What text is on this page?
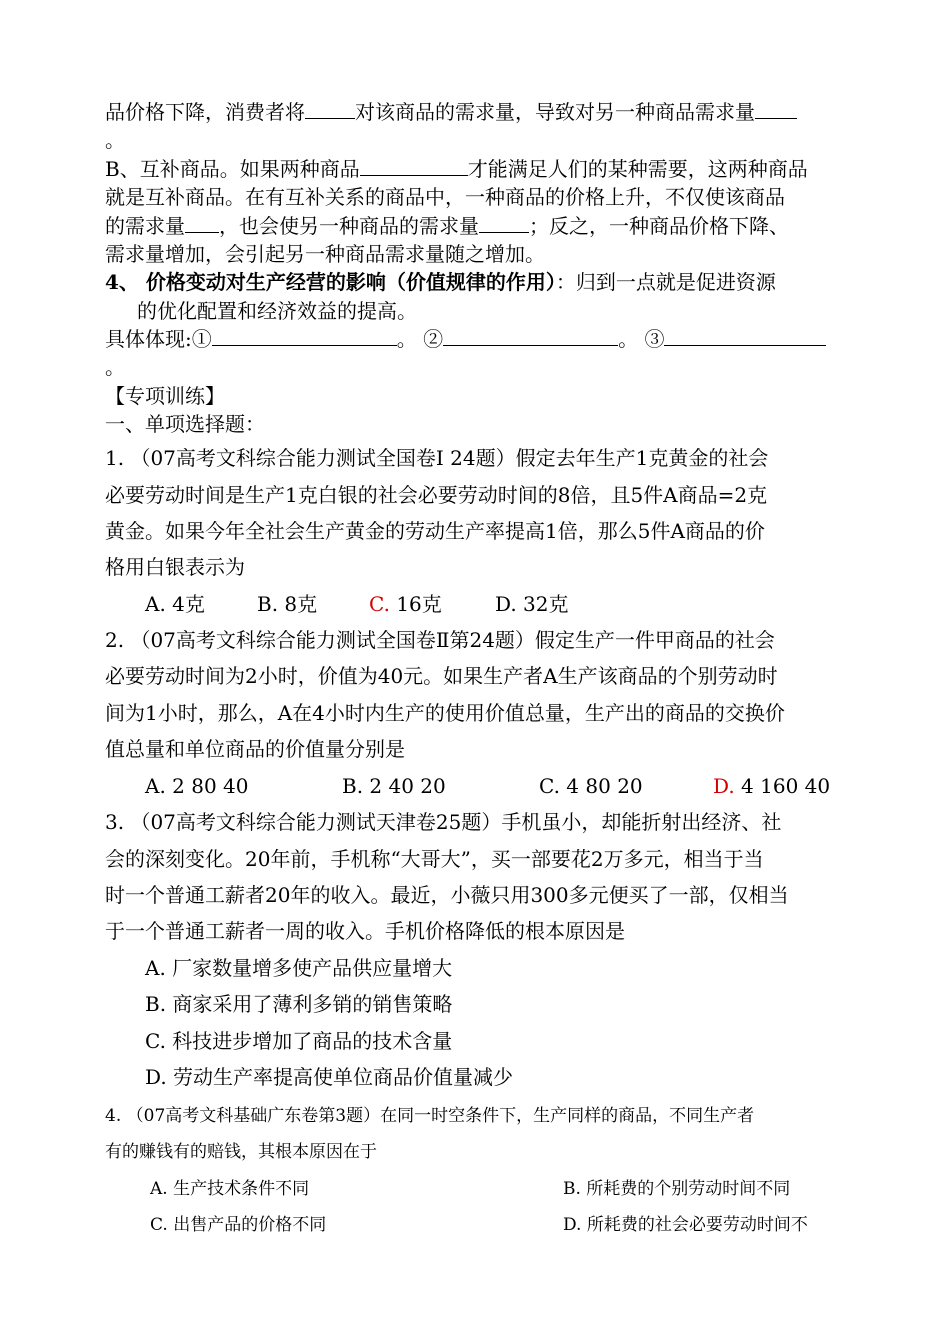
品价格下降，消费者将	对该商品的需求量，导致对另一种商品需求量
。
B、互补商品。如果两种商品	才能满足人们的某种需要，这两种商品
就是互补商品。在有互补关系的商品中，一种商品的价格上升，不仅使该商品
的需求量 ，也会使另一种商品的需求量	；反之，一种商品价格下降、
需求量增加，会引起另一种商品需求量随之增加。
4、 价格变动对生产经营的影响（价值规律的作用）：归到一点就是促进资源
的优化配置和经济效益的提高。
具体体现:①	。 ②	。 ③
。
【专项训练】
一、单项选择题：
1. （07高考文科综合能力测试全国卷Ⅰ 24题）假定去年生产1克黄金的社会
必要劳动时间是生产1克白银的社会必要劳动时间的8倍，且5件A商品=2克
黄金。如果今年全社会生产黄金的劳动生产率提高1倍，那么5件A商品的价
格用白银表示为
A. 4克	B. 8克	C. 16克	D. 32克
2. （07高考文科综合能力测试全国卷Ⅱ第24题）假定生产一件甲商品的社会
必要劳动时间为2小时，价值为40元。如果生产者A生产该商品的个别劳动时
间为1小时，那么，A在4小时内生产的使用价值总量，生产出的商品的交换价
值总量和单位商品的价值量分别是
A. 2 80 40	B. 2 40 20	C. 4 80 20	D. 4 160 40
3. （07高考文科综合能力测试天津卷25题）手机虽小，却能折射出经济、社
会的深刻变化。20年前，手机称“大哥大”，买一部要花2万多元，相当于当
时一个普通工薪者20年的收入。最近，小薇只用300多元便买了一部，仅相当
于一个普通工薪者一周的收入。手机价格降低的根本原因是
A. 厂家数量增多使产品供应量增大
B. 商家采用了薄利多销的销售策略
C. 科技进步增加了商品的技术含量
D. 劳动生产率提高使单位商品价值量减少
4. （07高考文科基础广东卷第3题）在同一时空条件下，生产同样的商品，不同生产者
有的赚钱有的赔钱，其根本原因在于
A. 生产技术条件不同	B. 所耗费的个别劳动时间不同
C. 出售产品的价格不同	D. 所耗费的社会必要劳动时间不
